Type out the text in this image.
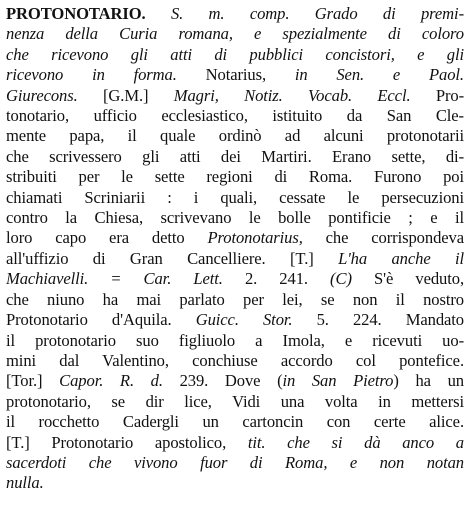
PROTONOTARIO. S. m. comp. Grado di premi-
nenza della Curia romana, e spezialmente di coloro
che ricevono gli atti di pubblici concistori, e gli
ricevono in forma. Notarius, in Sen. e Paol.
Giurecons. [G.M.] Magri, Notiz. Vocab. Eccl. Pro-
tonotario, ufficio ecclesiastico, istituito da San Cle-
mente papa, il quale ordinò ad alcuni protonotarii
che scrivessero gli atti dei Martiri. Erano sette, di-
stribuiti per le sette regioni di Roma. Furono poi
chiamati Scriniarii : i quali, cessate le persecuzioni
contro la Chiesa, scrivevano le bolle pontificie ; e il
loro capo era detto Protonotarius, che corrispondeva
all'uffizio di Gran Cancelliere. [T.] L'ha anche il
Machiavelli. = Car. Lett. 2. 241. (C) S'è veduto,
che niuno ha mai parlato per lei, se non il nostro
Protonotario d'Aquila. Guicc. Stor. 5. 224. Mandato
il protonotario suo figliuolo a Imola, e ricevuti uo-
mini dal Valentino, conchiuse accordo col pontefice.
[Tor.] Capor. R. d. 239. Dove (in San Pietro) ha un
protonotario, se dir lice, Vidi una volta in mettersi
il rocchetto Cadergli un cartoncin con certe alice.
[T.] Protonotario apostolico, tit. che si dà anco a
sacerdoti che vivono fuor di Roma, e non notan
nulla.
